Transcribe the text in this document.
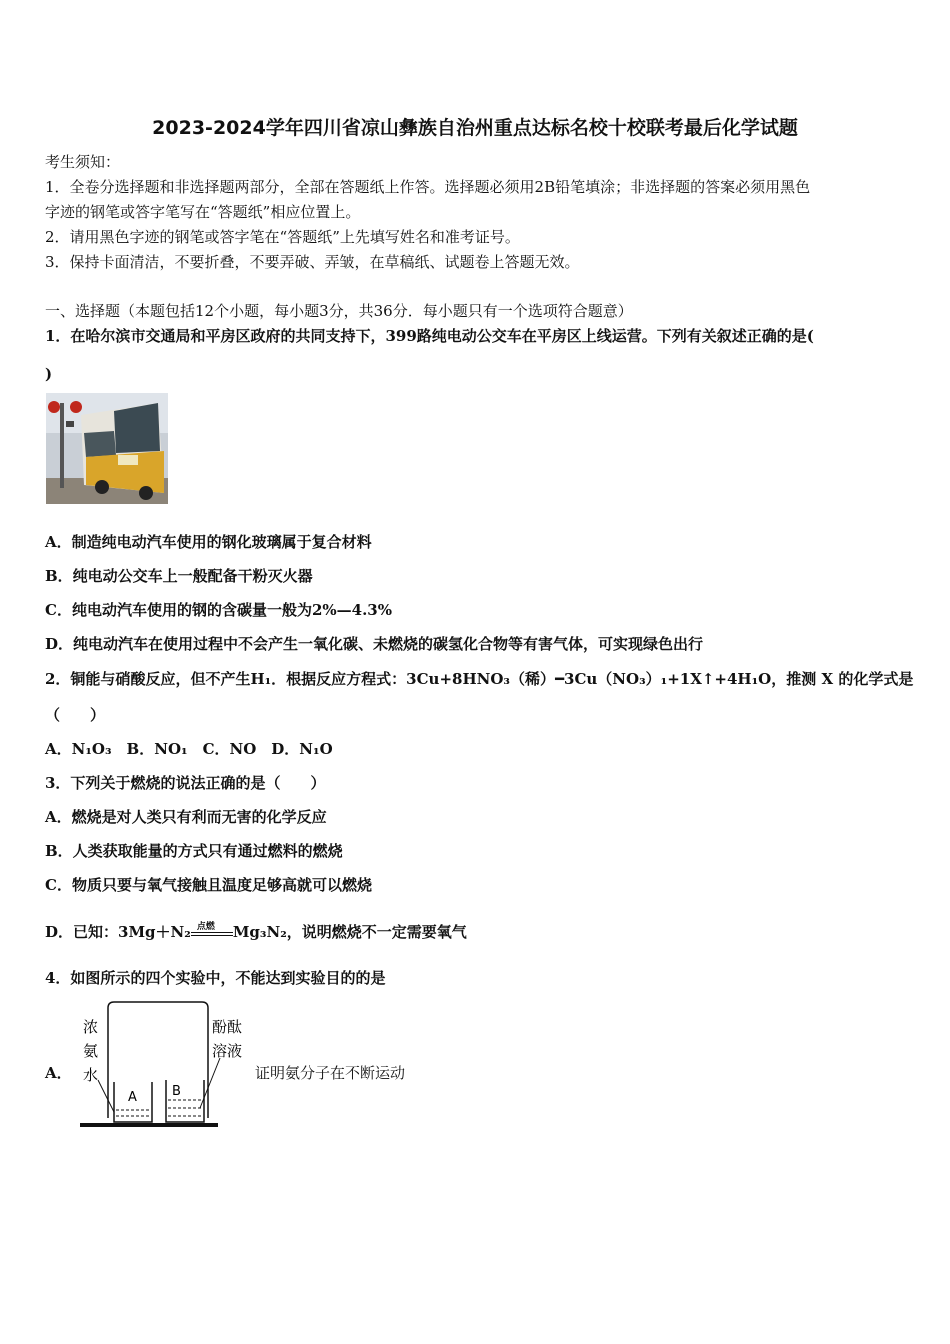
2023-2024学年四川省凉山彝族自治州重点达标名校十校联考最后化学试题
考生须知：
1．全卷分选择题和非选择题两部分，全部在答题纸上作答。选择题必须用2B铅笔填涂；非选择题的答案必须用黑色
字迹的钢笔或答字笔写在“答题纸”相应位置上。
2．请用黑色字迹的钢笔或答字笔在“答题纸”上先填写姓名和准考证号。
3．保持卡面清洁，不要折叠，不要弄破、弄皱，在草稿纸、试题卷上答题无效。
一、选择题（本题包括12个小题，每小题3分，共36分．每小题只有一个选项符合题意）
1．在哈尔滨市交通局和平房区政府的共同支持下，399路纯电动公交车在平房区上线运营。下列有关叙述正确的是(
)
A．制造纯电动汽车使用的钢化玻璃属于复合材料
B．纯电动公交车上一般配备干粉灭火器
C．纯电动汽车使用的钢的含碳量一般为2%—4.3%
D．纯电动汽车在使用过程中不会产生一氧化碳、未燃烧的碳氢化合物等有害气体，可实现绿色出行
2．铜能与硝酸反应，但不产生H₁．根据反应方程式：3Cu+8HNO₃（稀）━3Cu（NO₃）₁+1X↑+4H₁O，推测 X 的化学式是
（　　）
A．N₁O₃　B．NO₁　C．NO　D．N₁O
3．下列关于燃烧的说法正确的是（　　）
A．燃烧是对人类只有利而无害的化学反应
B．人类获取能量的方式只有通过燃料的燃烧
C．物质只要与氧气接触且温度足够高就可以燃烧
D．已知：3Mg＋N₂ 点燃 Mg₃N₂，说明燃烧不一定需要氧气
4．如图所示的四个实验中，不能达到实验目的的是
A．	证明氨分子在不断运动
A	B
浓
氨
水
酚酞
溶液
